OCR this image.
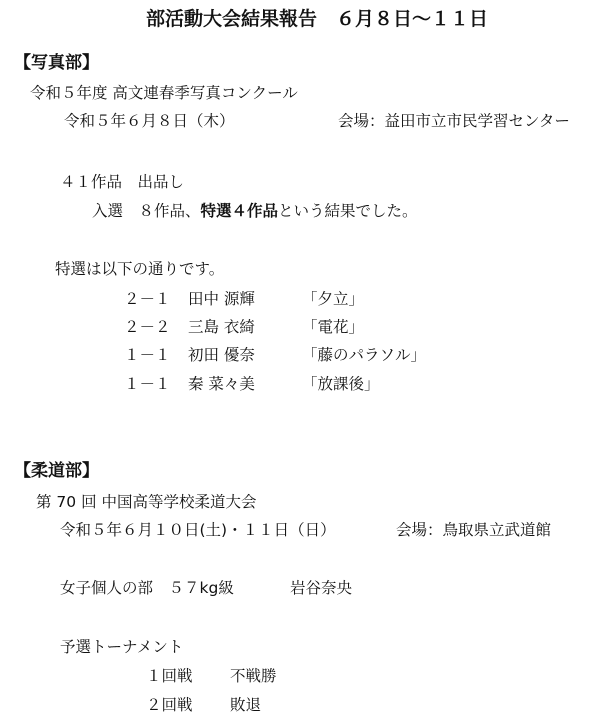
部活動大会結果報告　６月８日～１１日
【写真部】
令和５年度 高文連春季写真コンクール
令和５年６月８日（木）	会場：益田市立市民学習センター
４１作品　出品し
入選　８作品、特選４作品という結果でした。
特選は以下の通りです。
２－１ 田中 源輝	「夕立」
２－２ 三島 衣綺	「電花」
１－１ 初田 優奈	「藤のパラソル」
１－１ 秦 菜々美	「放課後」
【柔道部】
第 70 回 中国高等学校柔道大会
令和５年６月１０日(土)・１１日（日）	会場：鳥取県立武道館
女子個人の部　５７kg級	岩谷奈央
予選トーナメント
１回戦 不戦勝
２回戦 敗退
